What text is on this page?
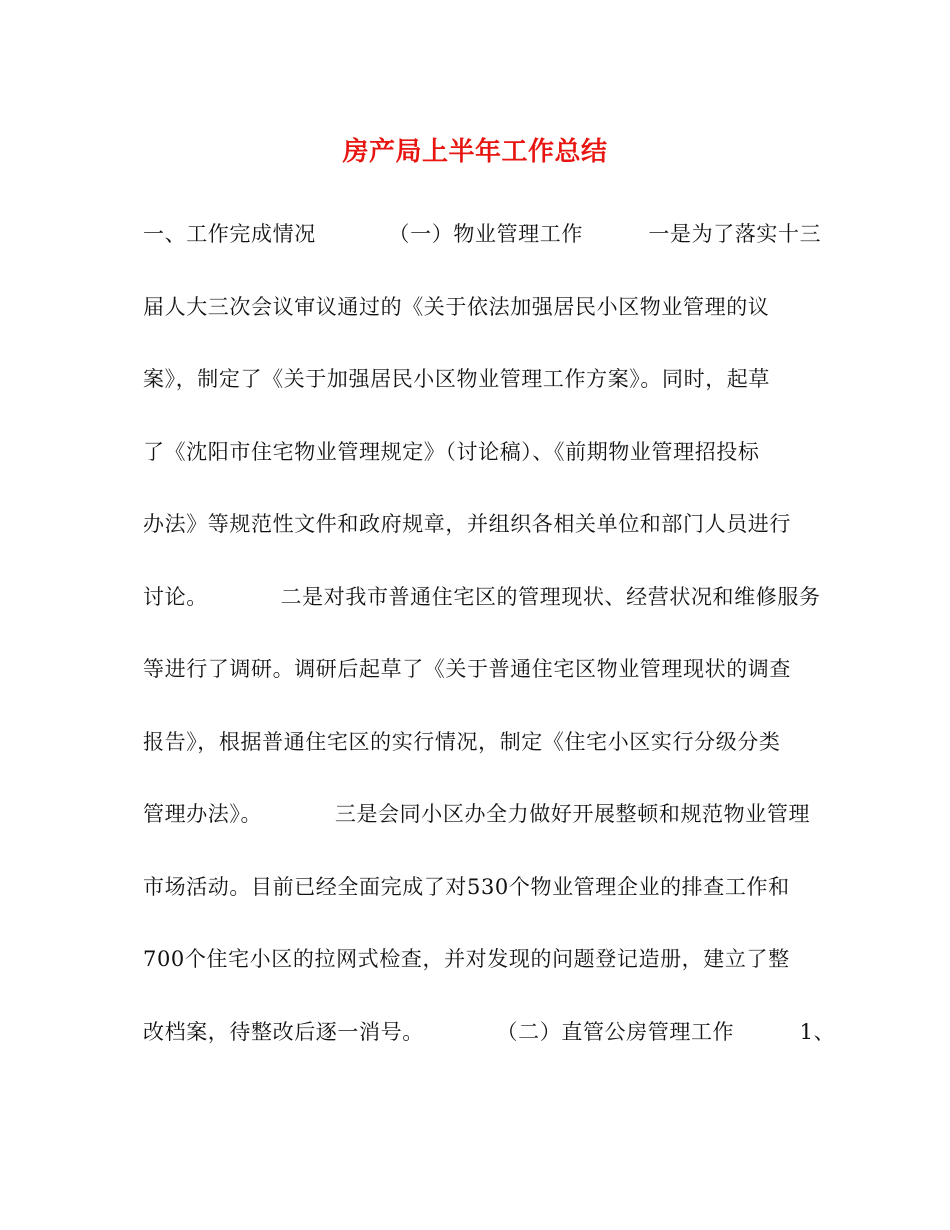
房产局上半年工作总结
一、工作完成情况          （一）物业管理工作         一是为了落实十三
届人大三次会议审议通过的《关于依法加强居民小区物业管理的议
案》，制定了《关于加强居民小区物业管理工作方案》。同时，起草
了《沈阳市住宅物业管理规定》（讨论稿）、《前期物业管理招投标
办法》等规范性文件和政府规章，并组织各相关单位和部门人员进行
讨论。          二是对我市普通住宅区的管理现状、经营状况和维修服务
等进行了调研。调研后起草了《关于普通住宅区物业管理现状的调查
报告》，根据普通住宅区的实行情况，制定《住宅小区实行分级分类
管理办法》。          三是会同小区办全力做好开展整顿和规范物业管理
市场活动。目前已经全面完成了对530个物业管理企业的排查工作和
700个住宅小区的拉网式检查，并对发现的问题登记造册，建立了整
改档案，待整改后逐一消号。          （二）直管公房管理工作         1、
